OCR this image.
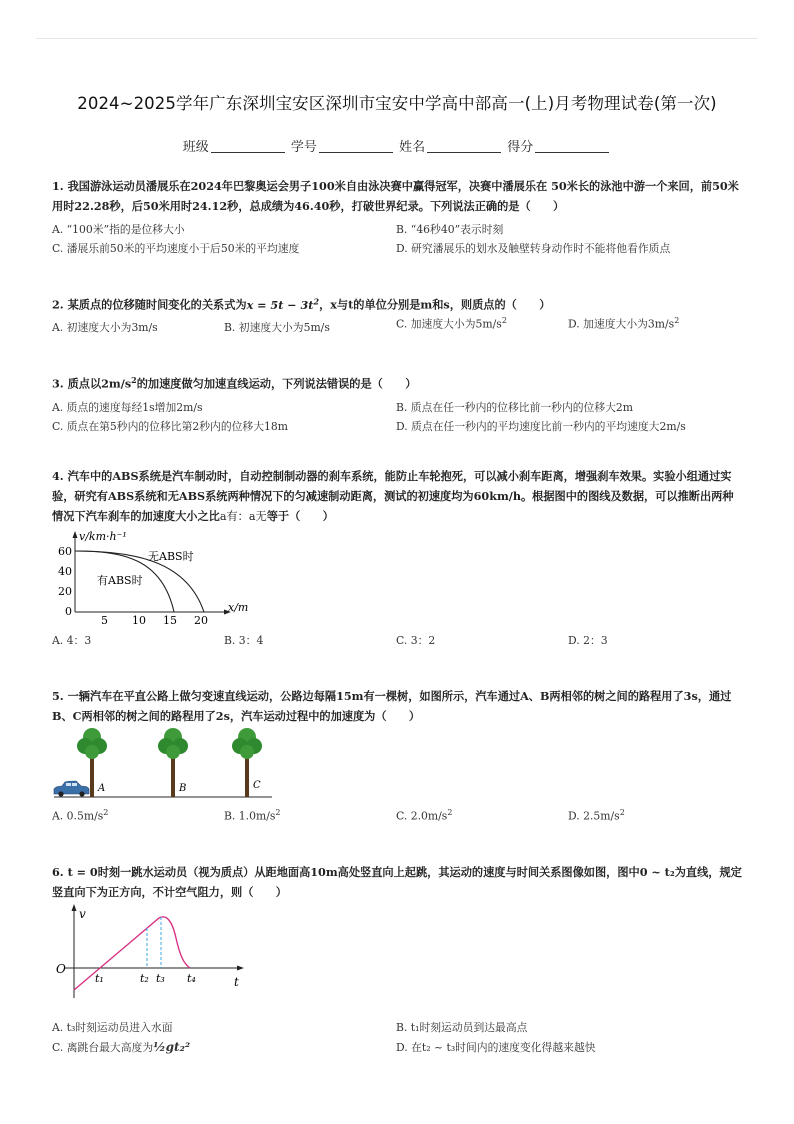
2024~2025学年广东深圳宝安区深圳市宝安中学高中部高一(上)月考物理试卷(第一次)
班级	学号	姓名	得分
1. 我国游泳运动员潘展乐在2024年巴黎奥运会男子100米自由泳决赛中赢得冠军，决赛中潘展乐在 50米长的泳池中游一个来回，前50米用时22.28秒，后50米用时24.12秒，总成绩为46.40秒，打破世界纪录。下列说法正确的是（　　）
A. “100米”指的是位移大小	B. “46秒40”表示时刻
C. 潘展乐前50米的平均速度小于后50米的平均速度	D. 研究潘展乐的划水及触壁转身动作时不能将他看作质点
2. 某质点的位移随时间变化的关系式为$x = 5t - 3t^2$，x与t的单位分别是m和s，则质点的（　　）
A. 初速度大小为3m/s	B. 初速度大小为5m/s	C. 加速度大小为$5m/s^2$	D. 加速度大小为$3m/s^2$
3. 质点以$2m/s^2$的加速度做匀加速直线运动，下列说法错误的是（　　）
A. 质点的速度每经1s增加2m/s	B. 质点在任一秒内的位移比前一秒内的位移大2m
C. 质点在第5秒内的位移比第2秒内的位移大18m	D. 质点在任一秒内的平均速度比前一秒内的平均速度大2m/s
4. 汽车中的ABS系统是汽车制动时，自动控制制动器的刹车系统，能防止车轮抱死，可以减小刹车距离，增强刹车效果。实验小组通过实验，研究有ABS系统和无ABS系统两种情况下的匀减速制动距离，测试的初速度均为60km/h。根据图中的图线及数据，可以推断出两种情况下汽车刹车的加速度大小之比a有：a无等于（　　）
v/km·h⁻¹
x/m
60
40
20
0
5 10 15 20
无ABS时
有ABS时
A. 4：3	B. 3：4	C. 3：2	D. 2：3
5. 一辆汽车在平直公路上做匀变速直线运动，公路边每隔15m有一棵树，如图所示，汽车通过A、B两相邻的树之间的路程用了3s，通过B、C两相邻的树之间的路程用了2s，汽车运动过程中的加速度为（　　）
A	B	C
A. $0.5m/s^2$	B. $1.0m/s^2$	C. $2.0m/s^2$	D. $2.5m/s^2$
6. t = 0时刻一跳水运动员（视为质点）从距地面高10m高处竖直向上起跳，其运动的速度与时间关系图像如图，图中0 ~ t₂为直线，规定竖直向下为正方向，不计空气阻力，则（　　）
v
O
t
t₁	t₂ t₃ t₄
A. t₃时刻运动员进入水面	B. t₁时刻运动员到达最高点
C. 离跳台最大高度为½gt₂²	D. 在t₂ ~ t₃时间内的速度变化得越来越快
